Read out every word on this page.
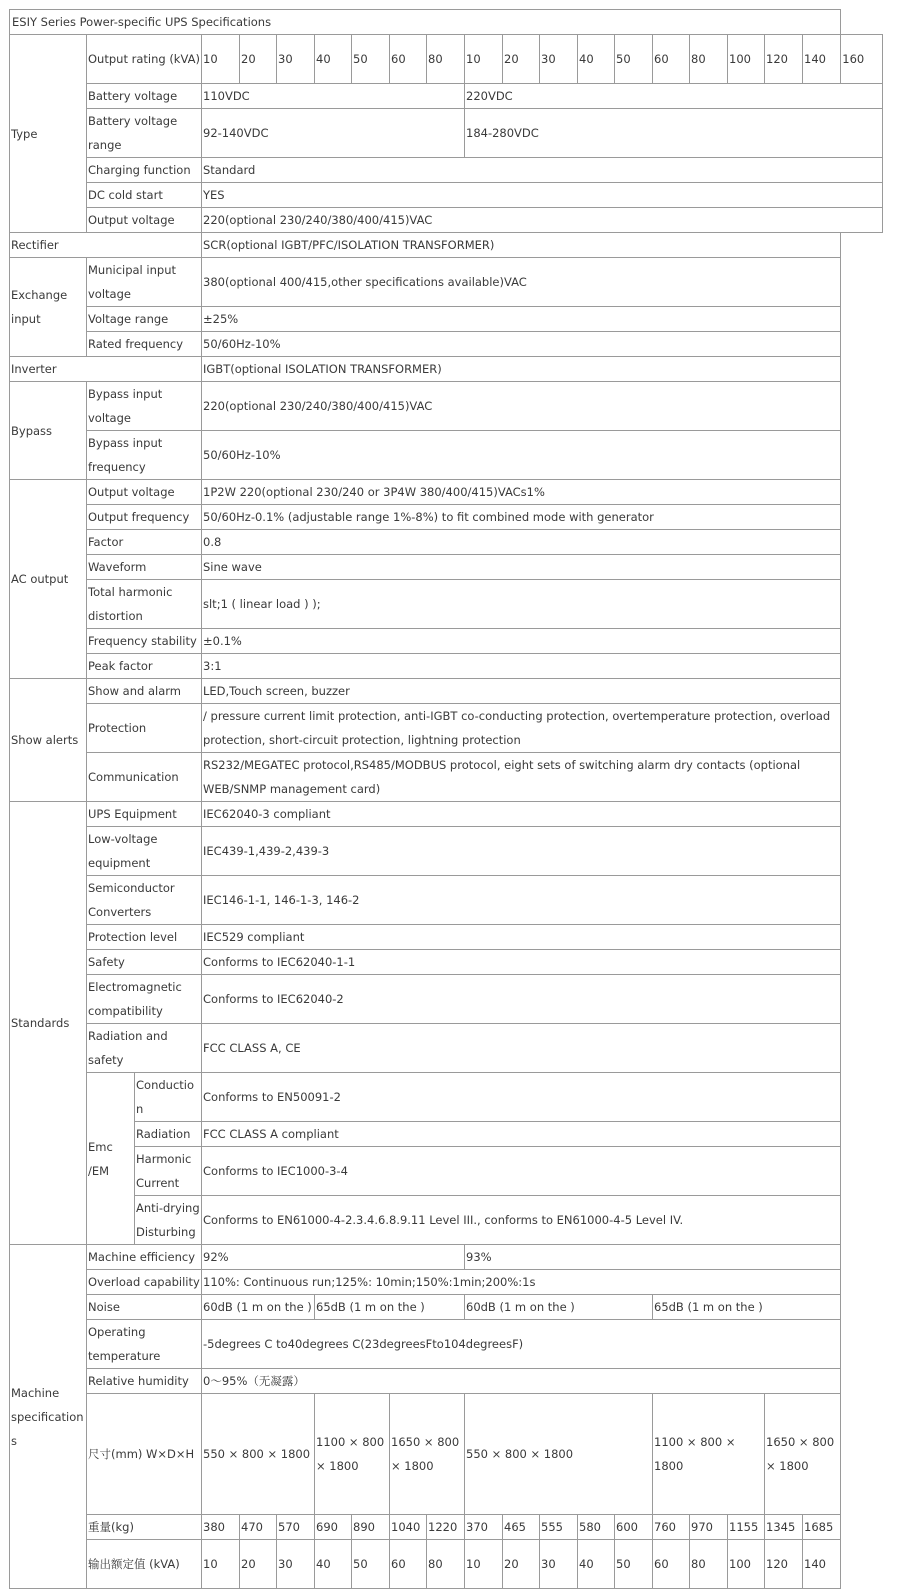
ESIY Series Power-specific UPS Specifications																				
Type	Output rating (kVA)		10	20	30	40	50	60	80	10	20	30	40	50	60	80	100	120	140	160
	Battery voltage		110VDC							220VDC										
	Battery voltage range		92-140VDC							184-280VDC										
	Charging function		Standard																	
	DC cold start		YES																	
	Output voltage		220(optional 230/240/380/400/415)VAC																	
Rectifier			SCR(optional IGBT/PFC/ISOLATION TRANSFORMER)																	
Exchange input	Municipal input voltage		380(optional 400/415,other specifications available)VAC																	
	Voltage range		±25%																	
	Rated frequency		50/60Hz-10%																	
Inverter			IGBT(optional ISOLATION TRANSFORMER)																	
Bypass	Bypass input voltage		220(optional 230/240/380/400/415)VAC																	
	Bypass input frequency		50/60Hz-10%																	
AC output	Output voltage		1P2W 220(optional 230/240 or 3P4W 380/400/415)VACs1%																	
	Output frequency		50/60Hz-0.1% (adjustable range 1%-8%) to fit combined mode with generator																	
	Factor		0.8																	
	Waveform		Sine wave																	
	Total harmonic distortion		slt;1 ( linear load ) );																	
	Frequency stability		±0.1%																	
	Peak factor		3:1																	
Show alerts	Show and alarm		LED,Touch screen, buzzer																	
	Protection		/ pressure current limit protection, anti-IGBT co-conducting protection, overtemperature protection, overload protection, short-circuit protection, lightning protection																	
	Communication		RS232/MEGATEC protocol,RS485/MODBUS protocol, eight sets of switching alarm dry contacts (optional WEB/SNMP management card)																	
Standards	UPS Equipment		IEC62040-3 compliant																	
	Low-voltage equipment		IEC439-1,439-2,439-3																	
	Semiconductor Converters		IEC146-1-1, 146-1-3, 146-2																	
	Protection level		IEC529 compliant																	
	Safety		Conforms to IEC62040-1-1																	
	Electromagnetic compatibility		Conforms to IEC62040-2																	
	Radiation and safety		FCC CLASS A, CE																	
	Emc /EM	Conduction	Conforms to EN50091-2																	
		Radiation	FCC CLASS A compliant																	
		Harmonic Current	Conforms to IEC1000-3-4																	
		Anti-drying Disturbing	Conforms to EN61000-4-2.3.4.6.8.9.11 Level III., conforms to EN61000-4-5 Level IV.																	
Machine specifications	Machine efficiency		92%							93%										
	Overload capability		110%: Continuous run;125%: 10min;150%:1min;200%:1s																	
	Noise		60dB (1 m on the )			65dB (1 m on the )				60dB (1 m on the )					65dB (1 m on the )					
	Operating temperature		-5degrees C to40degrees C(23degreesFto104degreesF)																	
	Relative humidity		0～95%（无凝露）																	
	尺寸(mm) W×D×H		550 × 800 × 1800			1100 × 800 × 1800		1650 × 800 × 1800		550 × 800 × 1800					1100 × 800 × 1800			1650 × 800 × 1800		
	重量(kg)		380	470	570	690	890	1040	1220	370	465	555	580	600	760	970	1155	1345	1685	
	输出额定值 (kVA)		10	20	30	40	50	60	80	10	20	30	40	50	60	80	100	120	140	
